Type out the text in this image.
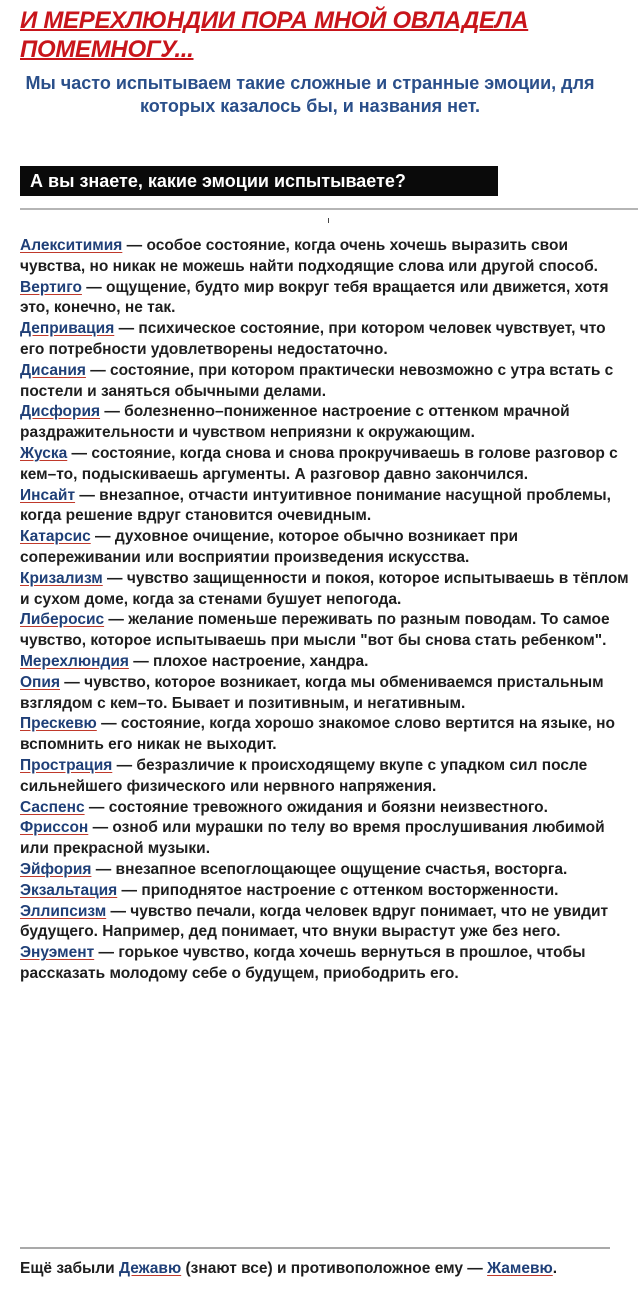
И МЕРЕХЛЮНДИИ ПОРА МНОЙ ОВЛАДЕЛА ПОМЕМНОГУ...

Мы часто испытываем такие сложные и странные эмоции, для которых казалось бы, и названия нет.

А вы знаете, какие эмоции испытываете?

Алекситимия — особое состояние, когда очень хочешь выразить свои чувства, но никак не можешь найти подходящие слова или другой способ.

Вертиго — ощущение, будто мир вокруг тебя вращается или движется, хотя это, конечно, не так.

Депривация — психическое состояние, при котором человек чувствует, что его потребности удовлетворены недостаточно.

Дисания — состояние, при котором практически невозможно с утра встать с постели и заняться обычными делами.

Дисфория — болезненно–пониженное настроение с оттенком мрачной раздражительности и чувством неприязни к окружающим.

Жуска — состояние, когда снова и снова прокручиваешь в голове разговор с кем–то, подыскиваешь аргументы. А разговор давно закончился.

Инсайт — внезапное, отчасти интуитивное понимание насущной проблемы, когда решение вдруг становится очевидным.

Катарсис — духовное очищение, которое обычно возникает при сопереживании или восприятии произведения искусства.

Кризализм — чувство защищенности и покоя, которое испытываешь в тёплом и сухом доме, когда за стенами бушует непогода.

Либеросис — желание поменьше переживать по разным поводам. То самое чувство, которое испытываешь при мысли "вот бы снова стать ребенком".

Мерехлюндия — плохое настроение, хандра.

Опия — чувство, которое возникает, когда мы обмениваемся пристальным взглядом с кем–то. Бывает и позитивным, и негативным.

Прескевю — состояние, когда хорошо знакомое слово вертится на языке, но вспомнить его никак не выходит.

Прострация — безразличие к происходящему вкупе с упадком сил после сильнейшего физического или нервного напряжения.

Саспенс — состояние тревожного ожидания и боязни неизвестного.

Фриссон — озноб или мурашки по телу во время прослушивания любимой или прекрасной музыки.

Эйфория — внезапное всепоглощающее ощущение счастья, восторга.

Экзальтация — приподнятое настроение с оттенком восторженности.

Эллипсизм — чувство печали, когда человек вдруг понимает, что не увидит будущего. Например, дед понимает, что внуки вырастут уже без него.

Энуэмент — горькое чувство, когда хочешь вернуться в прошлое, чтобы рассказать молодому себе о будущем, приободрить его.

Ещё забыли Дежавю (знают все) и противоположное ему — Жамевю.
